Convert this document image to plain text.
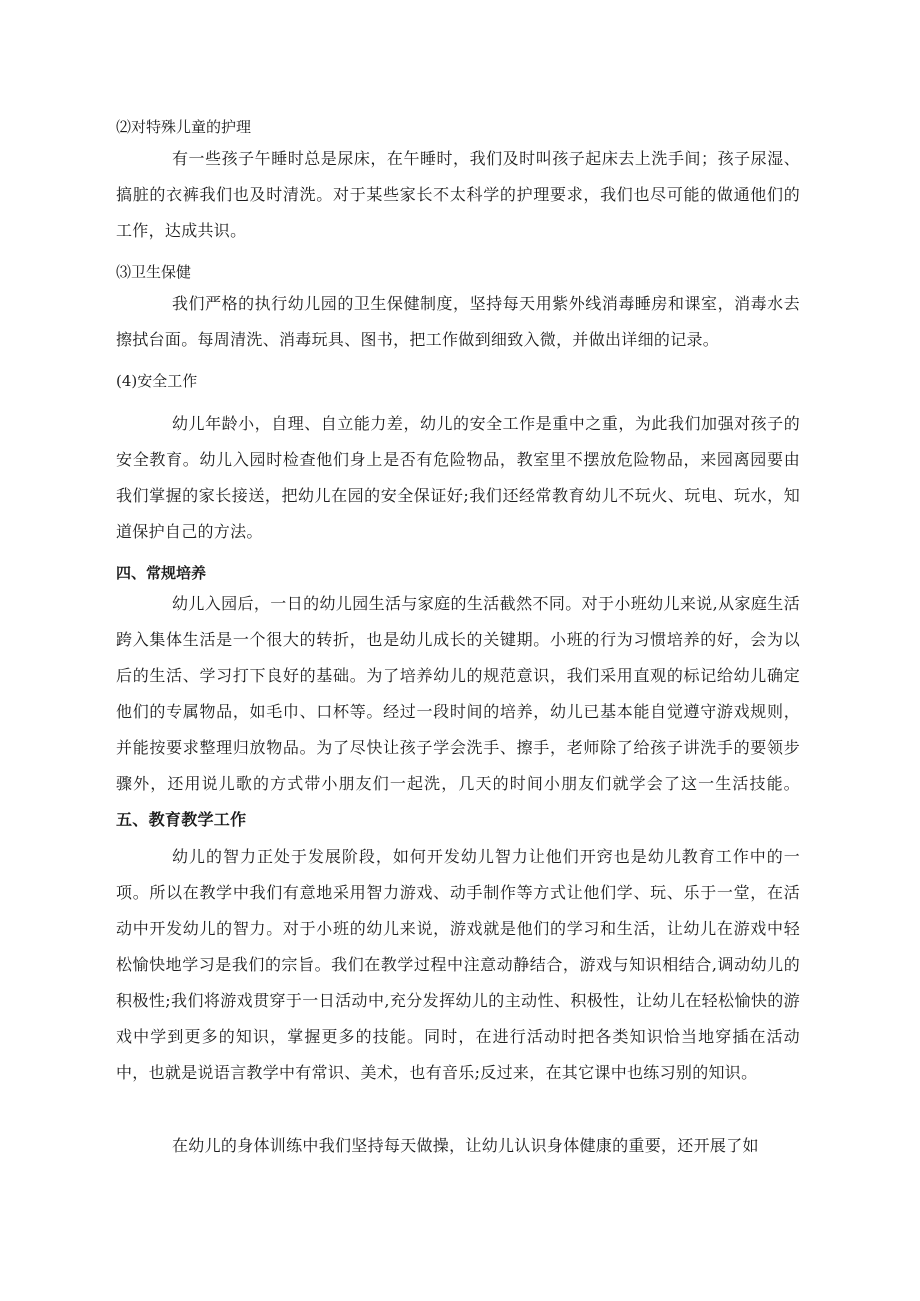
⑵对特殊儿童的护理

有一些孩子午睡时总是尿床，在午睡时，我们及时叫孩子起床去上洗手间；孩子尿湿、搞脏的衣裤我们也及时清洗。对于某些家长不太科学的护理要求，我们也尽可能的做通他们的工作，达成共识。

⑶卫生保健

我们严格的执行幼儿园的卫生保健制度，坚持每天用紫外线消毒睡房和课室，消毒水去擦拭台面。每周清洗、消毒玩具、图书，把工作做到细致入微，并做出详细的记录。

(4)安全工作

幼儿年龄小，自理、自立能力差，幼儿的安全工作是重中之重，为此我们加强对孩子的安全教育。幼儿入园时检查他们身上是否有危险物品，教室里不摆放危险物品，来园离园要由我们掌握的家长接送，把幼儿在园的安全保证好;我们还经常教育幼儿不玩火、玩电、玩水，知道保护自己的方法。

四、常规培养

幼儿入园后，一日的幼儿园生活与家庭的生活截然不同。对于小班幼儿来说,从家庭生活跨入集体生活是一个很大的转折，也是幼儿成长的关键期。小班的行为习惯培养的好，会为以后的生活、学习打下良好的基础。为了培养幼儿的规范意识，我们采用直观的标记给幼儿确定他们的专属物品，如毛巾、口杯等。经过一段时间的培养，幼儿已基本能自觉遵守游戏规则，并能按要求整理归放物品。为了尽快让孩子学会洗手、擦手，老师除了给孩子讲洗手的要领步骤外，还用说儿歌的方式带小朋友们一起洗，几天的时间小朋友们就学会了这一生活技能。五、教育教学工作

幼儿的智力正处于发展阶段，如何开发幼儿智力让他们开窍也是幼儿教育工作中的一项。所以在教学中我们有意地采用智力游戏、动手制作等方式让他们学、玩、乐于一堂，在活动中开发幼儿的智力。对于小班的幼儿来说，游戏就是他们的学习和生活，让幼儿在游戏中轻松愉快地学习是我们的宗旨。我们在教学过程中注意动静结合，游戏与知识相结合,调动幼儿的积极性;我们将游戏贯穿于一日活动中,充分发挥幼儿的主动性、积极性，让幼儿在轻松愉快的游戏中学到更多的知识，掌握更多的技能。同时，在进行活动时把各类知识恰当地穿插在活动中，也就是说语言教学中有常识、美术，也有音乐;反过来，在其它课中也练习别的知识。

在幼儿的身体训练中我们坚持每天做操，让幼儿认识身体健康的重要，还开展了如
